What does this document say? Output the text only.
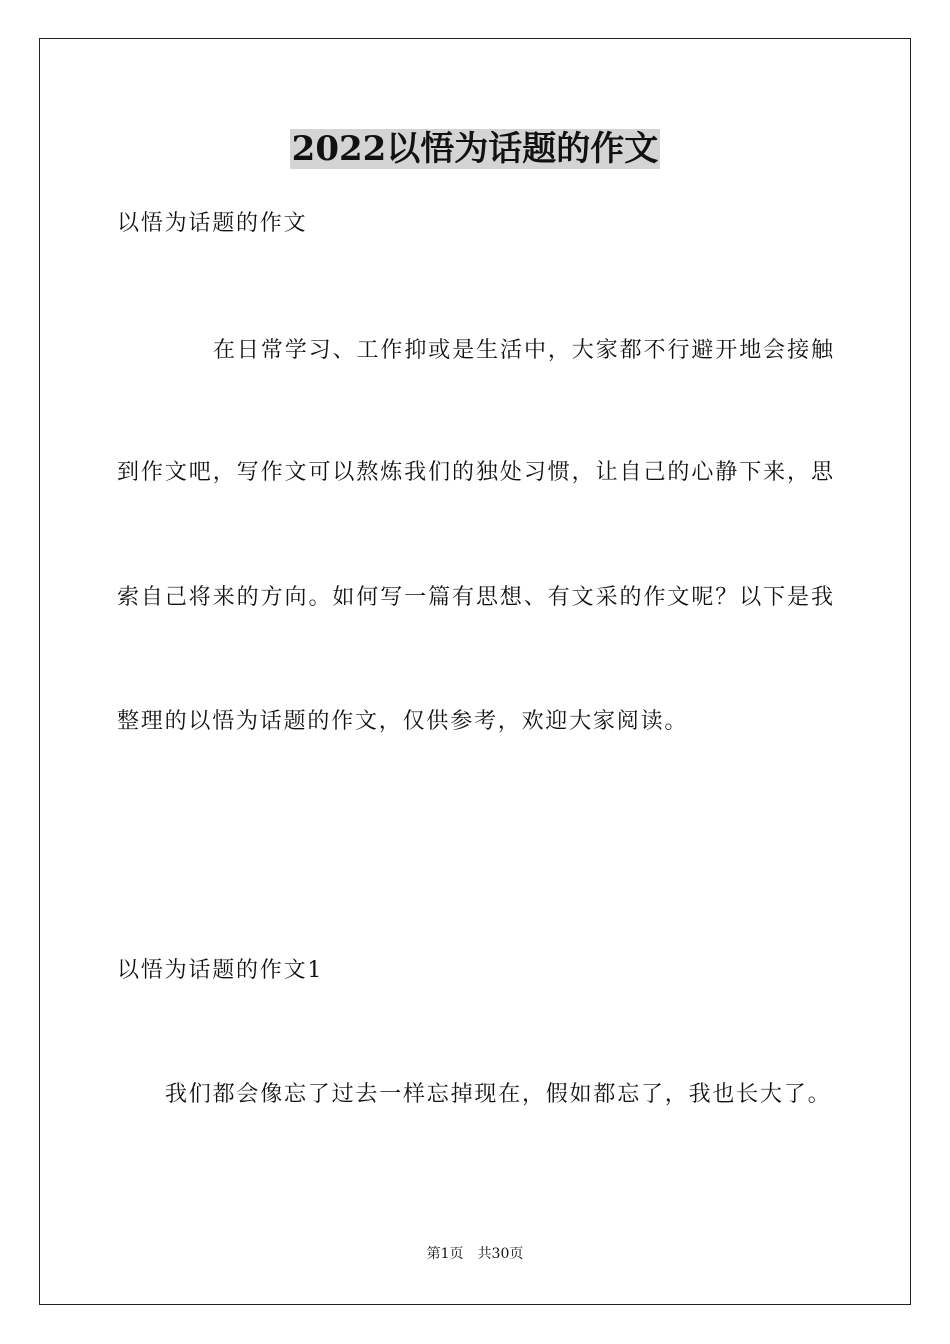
2022以悟为话题的作文
以悟为话题的作文
在日常学习、工作抑或是生活中，大家都不行避开地会接触
到作文吧，写作文可以熬炼我们的独处习惯，让自己的心静下来，思
索自己将来的方向。如何写一篇有思想、有文采的作文呢？以下是我
整理的以悟为话题的作文，仅供参考，欢迎大家阅读。
以悟为话题的作文1
我们都会像忘了过去一样忘掉现在，假如都忘了，我也长大了。
第1页　共30页
